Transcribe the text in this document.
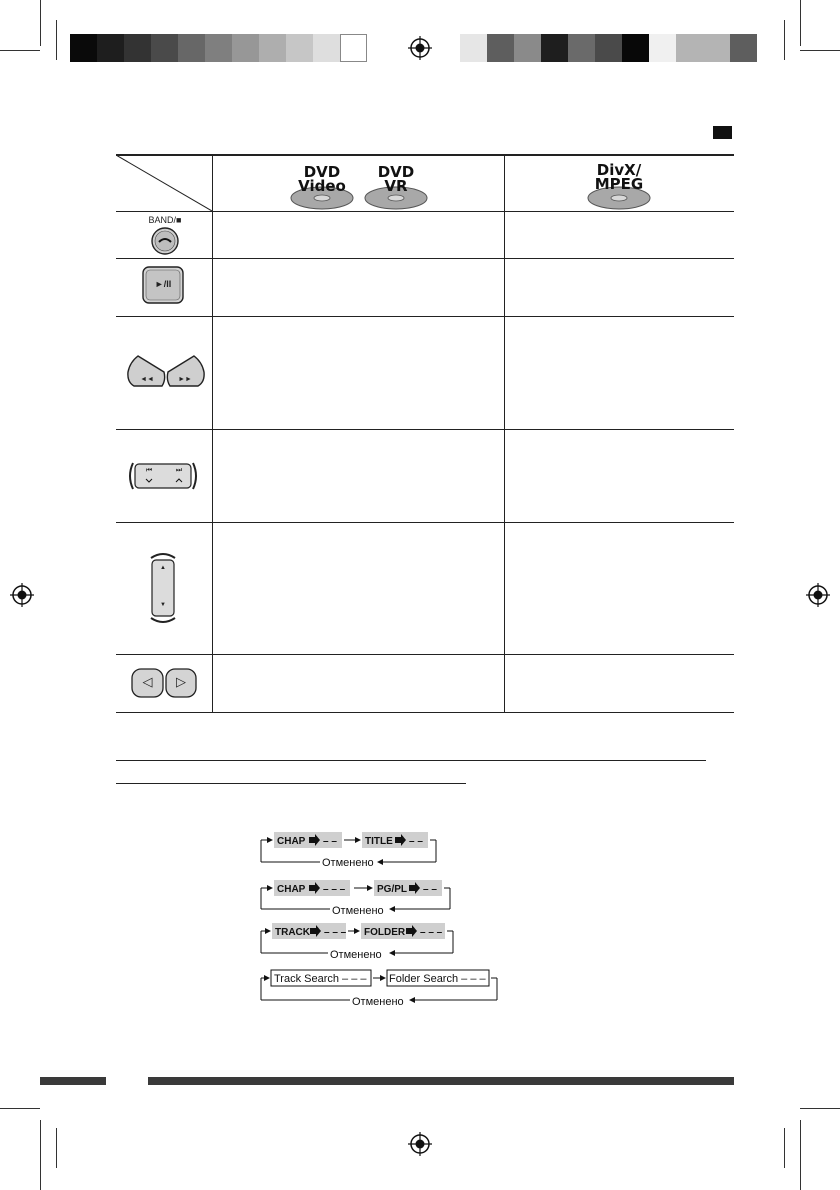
DVD
Video
DVD
VR
DivX/
MPEG
BAND/■
►/II
◄◄	►►
⏮	⏭
▲
▼
◁	▷
CHAP – –	TITLE – –
Отменено
CHAP – – –	PG/PL – –
Отменено
TRACK – – – FOLDER – – –
Отменено
Track Search – – – Folder Search – – –
Отменено
